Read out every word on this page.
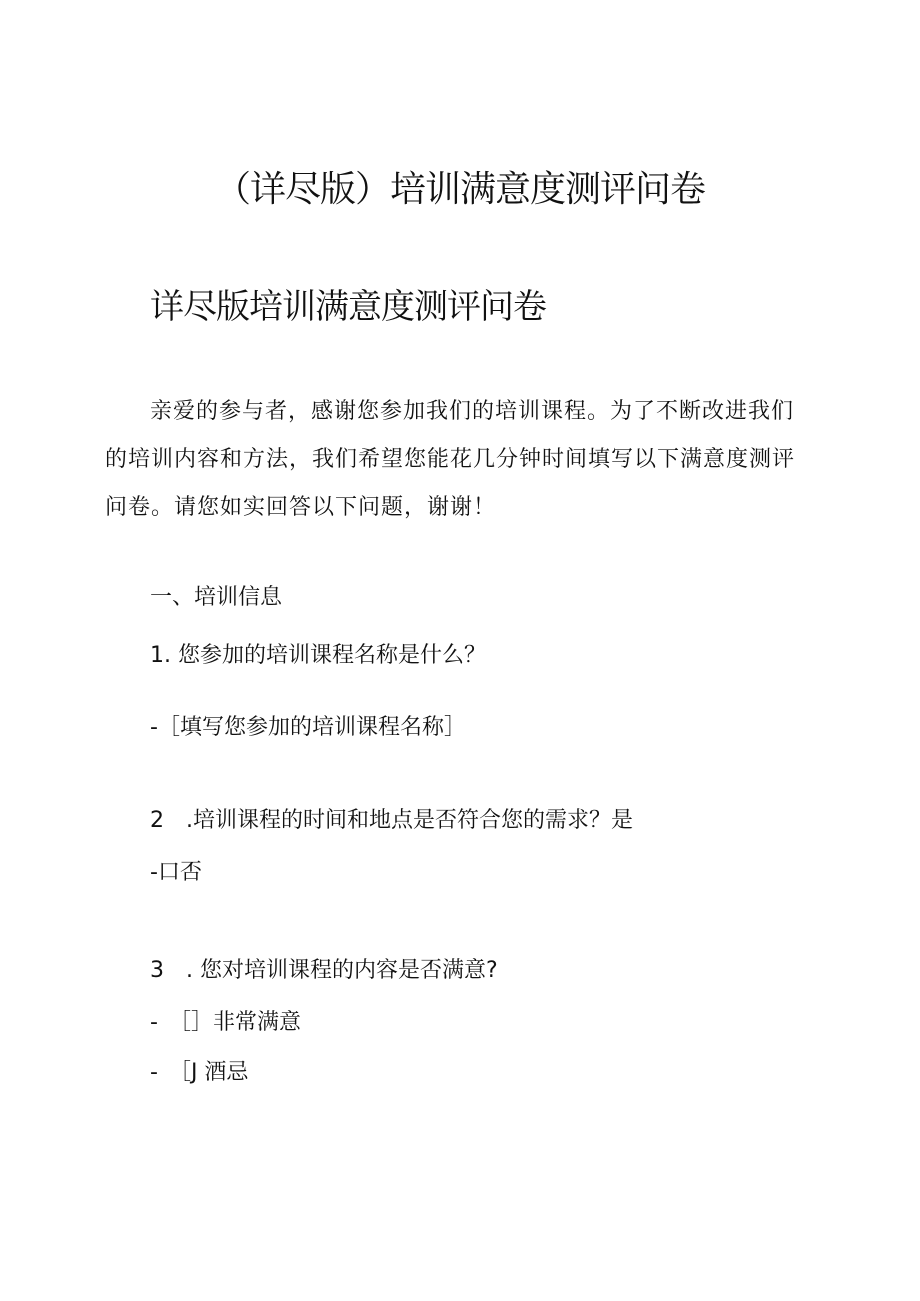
（详尽版）培训满意度测评问卷
详尽版培训满意度测评问卷
亲爱的参与者，感谢您参加我们的培训课程。为了不断改进我们的培训内容和方法，我们希望您能花几分钟时间填写以下满意度测评问卷。请您如实回答以下问题，谢谢！
一、培训信息
1. 您参加的培训课程名称是什么？
-［填写您参加的培训课程名称］
2　.培训课程的时间和地点是否符合您的需求？是
-口否
3　. 您对培训课程的内容是否满意?
-　［］非常满意
-　［J 酒忌
